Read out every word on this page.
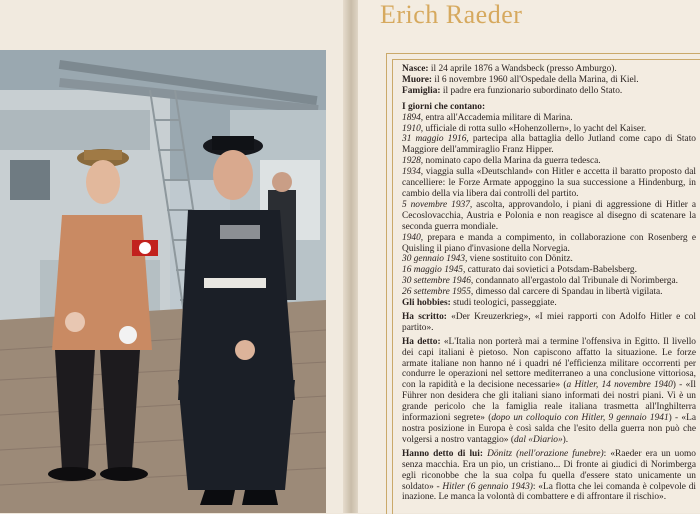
Erich Raeder

Nasce: il 24 aprile 1876 a Wandsbeck (presso Amburgo).

Muore: il 6 novembre 1960 all'Ospedale della Marina, di Kiel.

Famiglia: il padre era funzionario subordinato dello Stato.

I giorni che contano:

1894, entra all'Accademia militare di Marina.

1910, ufficiale di rotta sullo «Hohenzollern», lo yacht del Kaiser.

31 maggio 1916, partecipa alla battaglia dello Jutland come capo di Stato Maggiore dell'ammiraglio Franz Hipper.

1928, nominato capo della Marina da guerra tedesca.

1934, viaggia sulla «Deutschland» con Hitler e accetta il baratto proposto dal cancelliere: le Forze Armate appoggino la sua successione a Hindenburg, in cambio della via libera dai controlli del partito.

5 novembre 1937, ascolta, approvandolo, i piani di aggressione di Hitler a Cecoslovacchia, Austria e Polonia e non reagisce al disegno di scatenare la seconda guerra mondiale.

1940, prepara e manda a compimento, in collaborazione con Rosenberg e Quisling il piano d'invasione della Norvegia.

30 gennaio 1943, viene sostituito con Dönitz.

16 maggio 1945, catturato dai sovietici a Potsdam-Babelsberg.

30 settembre 1946, condannato all'ergastolo dal Tribunale di Norimberga.

26 settembre 1955, dimesso dal carcere di Spandau in libertà vigilata.

Gli hobbies: studi teologici, passeggiate.

Ha scritto: «Der Kreuzerkrieg», «I miei rapporti con Adolfo Hitler e col partito».

Ha detto: «L'Italia non porterà mai a termine l'offensiva in Egitto. Il livello dei capi italiani è pietoso. Non capiscono affatto la situazione. Le forze armate italiane non hanno né i quadri né l'efficienza militare occorrenti per condurre le operazioni nel settore mediterraneo a una conclusione vittoriosa, con la rapidità e la decisione necessarie» (a Hitler, 14 novembre 1940) - «Il Führer non desidera che gli italiani siano informati dei nostri piani. Vi è un grande pericolo che la famiglia reale italiana trasmetta all'Inghilterra informazioni segrete» (dopo un colloquio con Hitler, 9 gennaio 1941) - «La nostra posizione in Europa è così salda che l'esito della guerra non può che volgersi a nostro vantaggio» (dal «Diario»).

Hanno detto di lui: Dönitz (nell'orazione funebre): «Raeder era un uomo senza macchia. Era un pio, un cristiano... Di fronte ai giudici di Norimberga egli riconobbe che la sua colpa fu quella d'essere stato unicamente un soldato» - Hitler (6 gennaio 1943): «La flotta che lei comanda è colpevole di inazione. Le manca la volontà di combattere e di affrontare il rischio».
